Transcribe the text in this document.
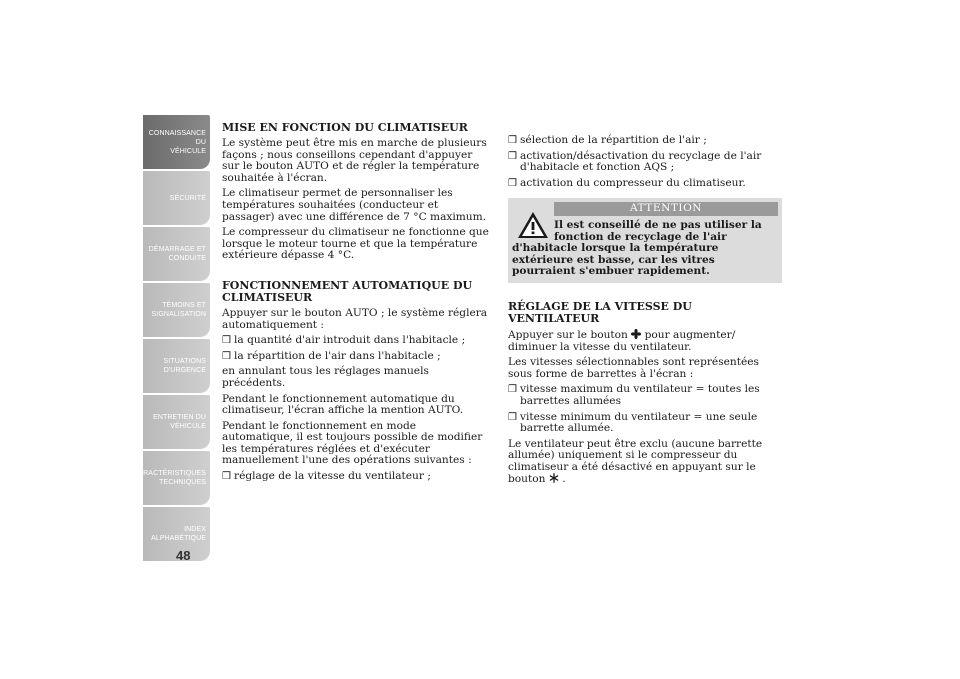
CONNAISSANCE DU
VÉHICULE
SÉCURITÉ
DÉMARRAGE ET
CONDUITE
TÉMOINS ET
SIGNALISATION
SITUATIONS
D'URGENCE
ENTRETIEN DU
VÉHICULE
CARACTÉRISTIQUES
TECHNIQUES
INDEX
ALPHABÉTIQUE
48
MISE EN FONCTION DU CLIMATISEUR

Le système peut être mis en marche de plusieurs façons ; nous conseillons cependant d'appuyer sur le bouton AUTO et de régler la température souhaitée à l'écran.

Le climatiseur permet de personnaliser les températures souhaitées (conducteur et passager) avec une différence de 7 °C maximum.

Le compresseur du climatiseur ne fonctionne que lorsque le moteur tourne et que la température extérieure dépasse 4 °C.

FONCTIONNEMENT AUTOMATIQUE DU CLIMATISEUR

Appuyer sur le bouton AUTO ; le système réglera automatiquement :

❒ la quantité d'air introduit dans l'habitacle ;
❒ la répartition de l'air dans l'habitacle ;

en annulant tous les réglages manuels précédents.

Pendant le fonctionnement automatique du climatiseur, l'écran affiche la mention AUTO.

Pendant le fonctionnement en mode automatique, il est toujours possible de modifier les températures réglées et d'exécuter manuellement l'une des opérations suivantes :

❒ réglage de la vitesse du ventilateur ;
❒ sélection de la répartition de l'air ;
❒ activation/désactivation du recyclage de l'air d'habitacle et fonction AQS ;
❒ activation du compresseur du climatiseur.
ATTENTION
Il est conseillé de ne pas utiliser la
fonction de recyclage de l'air
d'habitacle lorsque la température extérieure est basse, car les vitres pourraient s'embuer rapidement.
RÉGLAGE DE LA VITESSE DU VENTILATEUR

Appuyer sur le bouton pour augmenter/ diminuer la vitesse du ventilateur.

Les vitesses sélectionnables sont représentées sous forme de barrettes à l'écran :

❒ vitesse maximum du ventilateur = toutes les barrettes allumées
❒ vitesse minimum du ventilateur = une seule barrette allumée.

Le ventilateur peut être exclu (aucune barrette allumée) uniquement si le compresseur du climatiseur a été désactivé en appuyant sur le bouton .
